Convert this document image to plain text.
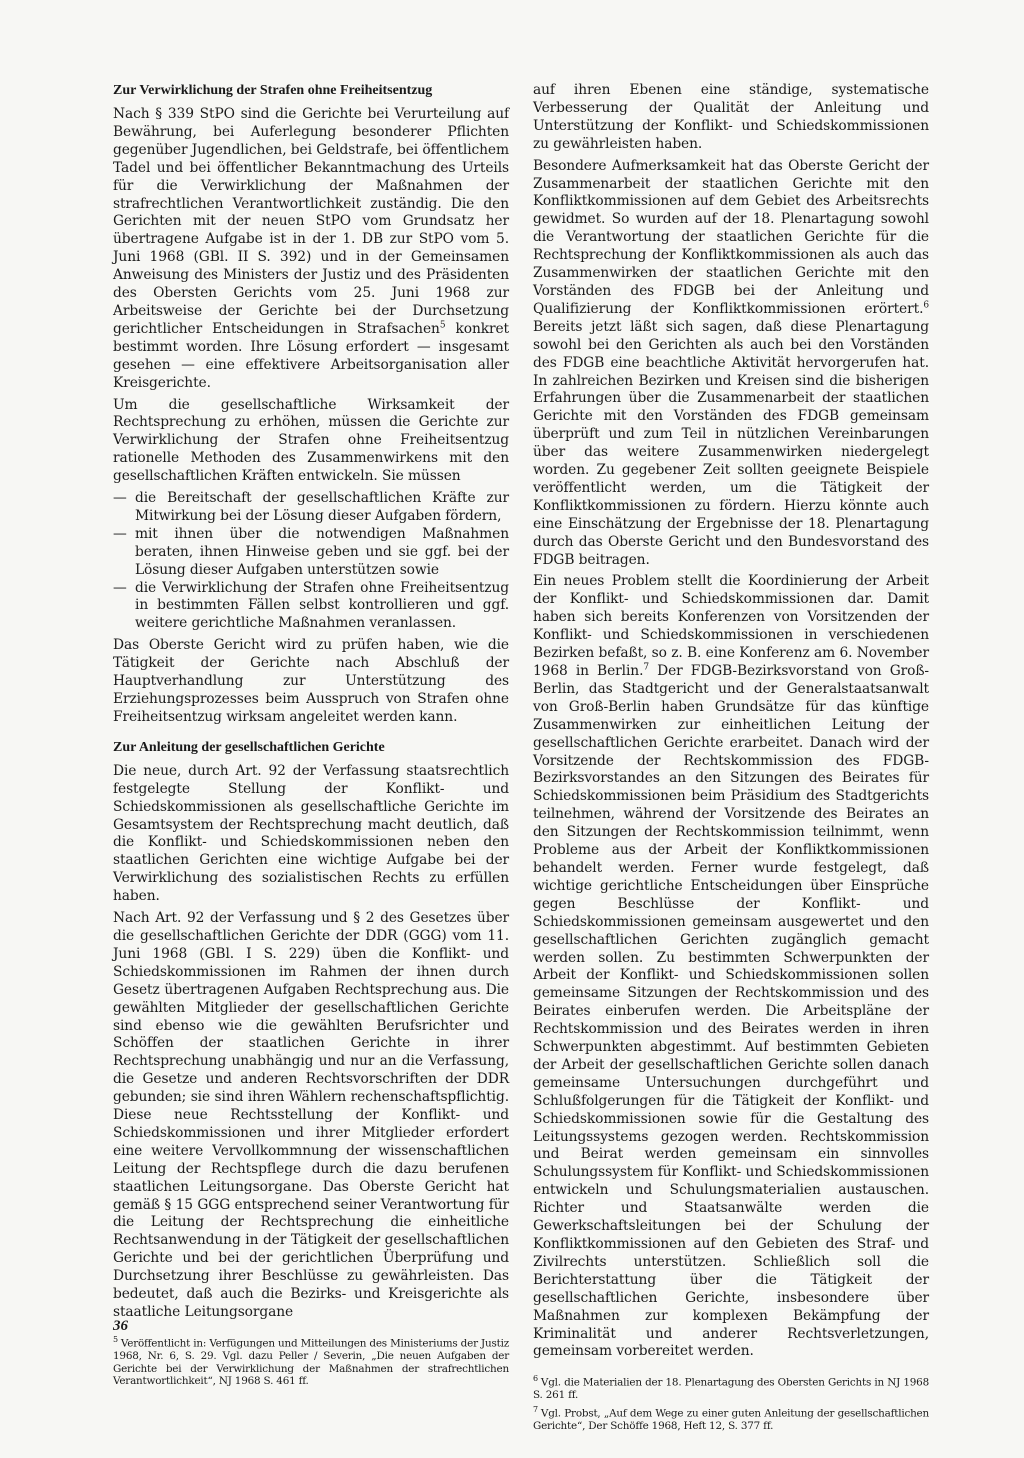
Zur Verwirklichung der Strafen ohne Freiheitsentzug

Nach § 339 StPO sind die Gerichte bei Verurteilung auf Bewährung, bei Auferlegung besonderer Pflichten gegenüber Jugendlichen, bei Geldstrafe, bei öffentlichem Tadel und bei öffentlicher Bekanntmachung des Urteils für die Verwirklichung der Maßnahmen der strafrechtlichen Verantwortlichkeit zuständig. Die den Gerichten mit der neuen StPO vom Grundsatz her übertragene Aufgabe ist in der 1. DB zur StPO vom 5. Juni 1968 (GBl. II S. 392) und in der Gemeinsamen Anweisung des Ministers der Justiz und des Präsidenten des Obersten Gerichts vom 25. Juni 1968 zur Arbeitsweise der Gerichte bei der Durchsetzung gerichtlicher Entscheidungen in Strafsachen$^5$ konkret bestimmt worden. Ihre Lösung erfordert — insgesamt gesehen — eine effektivere Arbeitsorganisation aller Kreisgerichte.

Um die gesellschaftliche Wirksamkeit der Rechtsprechung zu erhöhen, müssen die Gerichte zur Verwirklichung der Strafen ohne Freiheitsentzug rationelle Methoden des Zusammenwirkens mit den gesellschaftlichen Kräften entwickeln. Sie müssen

— die Bereitschaft der gesellschaftlichen Kräfte zur Mitwirkung bei der Lösung dieser Aufgaben fördern,
— mit ihnen über die notwendigen Maßnahmen beraten, ihnen Hinweise geben und sie ggf. bei der Lösung dieser Aufgaben unterstützen sowie
— die Verwirklichung der Strafen ohne Freiheitsentzug in bestimmten Fällen selbst kontrollieren und ggf. weitere gerichtliche Maßnahmen veranlassen.

Das Oberste Gericht wird zu prüfen haben, wie die Tätigkeit der Gerichte nach Abschluß der Hauptverhandlung zur Unterstützung des Erziehungsprozesses beim Ausspruch von Strafen ohne Freiheitsentzug wirksam angeleitet werden kann.

Zur Anleitung der gesellschaftlichen Gerichte

Die neue, durch Art. 92 der Verfassung staatsrechtlich festgelegte Stellung der Konflikt- und Schiedskommissionen als gesellschaftliche Gerichte im Gesamtsystem der Rechtsprechung macht deutlich, daß die Konflikt- und Schiedskommissionen neben den staatlichen Gerichten eine wichtige Aufgabe bei der Verwirklichung des sozialistischen Rechts zu erfüllen haben.

Nach Art. 92 der Verfassung und § 2 des Gesetzes über die gesellschaftlichen Gerichte der DDR (GGG) vom 11. Juni 1968 (GBl. I S. 229) üben die Konflikt- und Schiedskommissionen im Rahmen der ihnen durch Gesetz übertragenen Aufgaben Rechtsprechung aus. Die gewählten Mitglieder der gesellschaftlichen Gerichte sind ebenso wie die gewählten Berufsrichter und Schöffen der staatlichen Gerichte in ihrer Rechtsprechung unabhängig und nur an die Verfassung, die Gesetze und anderen Rechtsvorschriften der DDR gebunden; sie sind ihren Wählern rechenschaftspflichtig. Diese neue Rechtsstellung der Konflikt- und Schiedskommissionen und ihrer Mitglieder erfordert eine weitere Vervollkommnung der wissenschaftlichen Leitung der Rechtspflege durch die dazu berufenen staatlichen Leitungsorgane. Das Oberste Gericht hat gemäß § 15 GGG entsprechend seiner Verantwortung für die Leitung der Rechtsprechung die einheitliche Rechtsanwendung in der Tätigkeit der gesellschaftlichen Gerichte und bei der gerichtlichen Überprüfung und Durchsetzung ihrer Beschlüsse zu gewährleisten. Das bedeutet, daß auch die Bezirks- und Kreisgerichte als staatliche Leitungsorgane

$^5$ Veröffentlicht in: Verfügungen und Mitteilungen des Ministeriums der Justiz 1968, Nr. 6, S. 29. Vgl. dazu Peller / Severin, „Die neuen Aufgaben der Gerichte bei der Verwirklichung der Maßnahmen der strafrechtlichen Verantwortlichkeit“, NJ 1968 S. 461 ff.

auf ihren Ebenen eine ständige, systematische Verbesserung der Qualität der Anleitung und Unterstützung der Konflikt- und Schiedskommissionen zu gewährleisten haben.

Besondere Aufmerksamkeit hat das Oberste Gericht der Zusammenarbeit der staatlichen Gerichte mit den Konfliktkommissionen auf dem Gebiet des Arbeitsrechts gewidmet. So wurden auf der 18. Plenartagung sowohl die Verantwortung der staatlichen Gerichte für die Rechtsprechung der Konfliktkommissionen als auch das Zusammenwirken der staatlichen Gerichte mit den Vorständen des FDGB bei der Anleitung und Qualifizierung der Konfliktkommissionen erörtert.$^6$ Bereits jetzt läßt sich sagen, daß diese Plenartagung sowohl bei den Gerichten als auch bei den Vorständen des FDGB eine beachtliche Aktivität hervorgerufen hat. In zahlreichen Bezirken und Kreisen sind die bisherigen Erfahrungen über die Zusammenarbeit der staatlichen Gerichte mit den Vorständen des FDGB gemeinsam überprüft und zum Teil in nützlichen Vereinbarungen über das weitere Zusammenwirken niedergelegt worden. Zu gegebener Zeit sollten geeignete Beispiele veröffentlicht werden, um die Tätigkeit der Konfliktkommissionen zu fördern. Hierzu könnte auch eine Einschätzung der Ergebnisse der 18. Plenartagung durch das Oberste Gericht und den Bundesvorstand des FDGB beitragen.

Ein neues Problem stellt die Koordinierung der Arbeit der Konflikt- und Schiedskommissionen dar. Damit haben sich bereits Konferenzen von Vorsitzenden der Konflikt- und Schiedskommissionen in verschiedenen Bezirken befaßt, so z. B. eine Konferenz am 6. November 1968 in Berlin.$^7$ Der FDGB-Bezirksvorstand von Groß-Berlin, das Stadtgericht und der Generalstaatsanwalt von Groß-Berlin haben Grundsätze für das künftige Zusammenwirken zur einheitlichen Leitung der gesellschaftlichen Gerichte erarbeitet. Danach wird der Vorsitzende der Rechtskommission des FDGB-Bezirksvorstandes an den Sitzungen des Beirates für Schiedskommissionen beim Präsidium des Stadtgerichts teilnehmen, während der Vorsitzende des Beirates an den Sitzungen der Rechtskommission teilnimmt, wenn Probleme aus der Arbeit der Konfliktkommissionen behandelt werden. Ferner wurde festgelegt, daß wichtige gerichtliche Entscheidungen über Einsprüche gegen Beschlüsse der Konflikt- und Schiedskommissionen gemeinsam ausgewertet und den gesellschaftlichen Gerichten zugänglich gemacht werden sollen. Zu bestimmten Schwerpunkten der Arbeit der Konflikt- und Schiedskommissionen sollen gemeinsame Sitzungen der Rechtskommission und des Beirates einberufen werden. Die Arbeitspläne der Rechtskommission und des Beirates werden in ihren Schwerpunkten abgestimmt. Auf bestimmten Gebieten der Arbeit der gesellschaftlichen Gerichte sollen danach gemeinsame Untersuchungen durchgeführt und Schlußfolgerungen für die Tätigkeit der Konflikt- und Schiedskommissionen sowie für die Gestaltung des Leitungssystems gezogen werden. Rechtskommission und Beirat werden gemeinsam ein sinnvolles Schulungssystem für Konflikt- und Schiedskommissionen entwickeln und Schulungsmaterialien austauschen. Richter und Staatsanwälte werden die Gewerkschaftsleitungen bei der Schulung der Konfliktkommissionen auf den Gebieten des Straf- und Zivilrechts unterstützen. Schließlich soll die Berichterstattung über die Tätigkeit der gesellschaftlichen Gerichte, insbesondere über Maßnahmen zur komplexen Bekämpfung der Kriminalität und anderer Rechtsverletzungen, gemeinsam vorbereitet werden.

$^6$ Vgl. die Materialien der 18. Plenartagung des Obersten Gerichts in NJ 1968 S. 261 ff.
$^7$ Vgl. Probst, „Auf dem Wege zu einer guten Anleitung der gesellschaftlichen Gerichte“, Der Schöffe 1968, Heft 12, S. 377 ff.
36
